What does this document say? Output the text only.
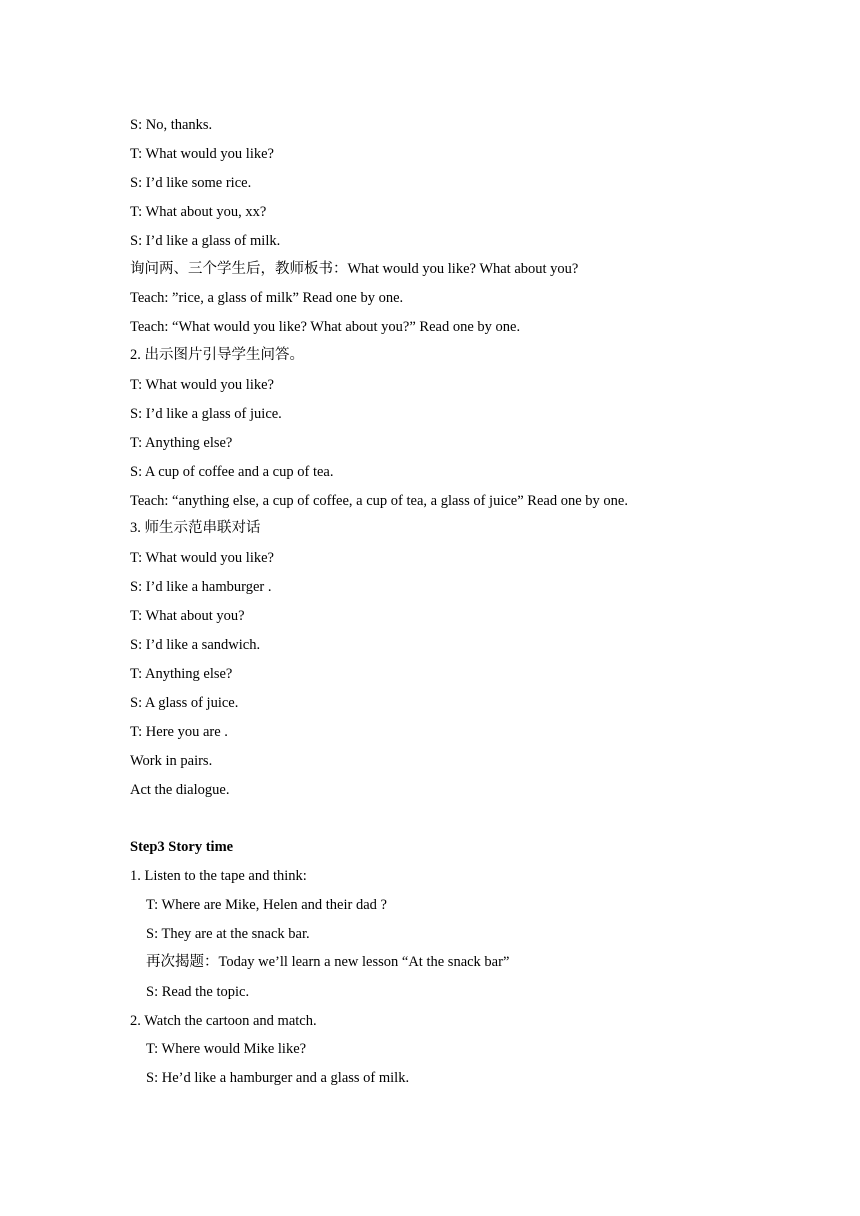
S: No, thanks.
T: What would you like?
S: I’d like some rice.
T: What about you, xx?
S: I’d like a glass of milk.
询问两、三个学生后，教师板书：What would you like? What about you?
Teach: ”rice, a glass of milk” Read one by one.
Teach: “What would you like? What about you?” Read one by one.
2. 出示图片引导学生问答。
T: What would you like?
S: I’d like a glass of juice.
T: Anything else?
S: A cup of coffee and a cup of tea.
Teach: “anything else, a cup of coffee, a cup of tea, a glass of juice” Read one by one.
3. 师生示范串联对话
T: What would you like?
S: I’d like a hamburger .
T: What about you?
S: I’d like a sandwich.
T: Anything else?
S: A glass of juice.
T: Here you are .
Work in pairs.
Act the dialogue.
Step3 Story time
1. Listen to the tape and think:
T: Where are Mike, Helen and their dad ?
S: They are at the snack bar.
再次揭题：Today we’ll learn a new lesson “At the snack bar”
S: Read the topic.
2. Watch the cartoon and match.
T: Where would Mike like?
S: He’d like a hamburger and a glass of milk.
